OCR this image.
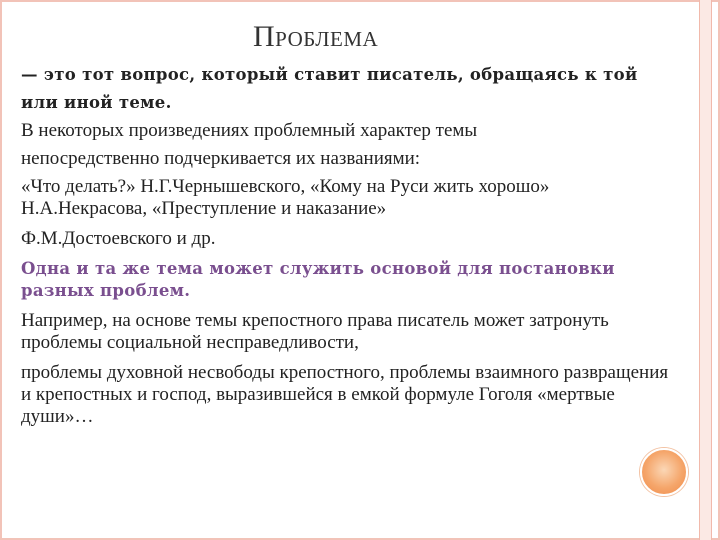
ПРОБЛЕМА

— это тот вопрос, который ставит писатель, обращаясь к той

или иной теме.

В некоторых произведениях проблемный характер темы

непосредственно подчеркивается их названиями:

«Что делать?» Н.Г.Чернышевского, «Кому на Руси жить хорошо» Н.А.Некрасова, «Преступление и наказание»

Ф.М.Достоевского и др.

Одна и та же тема может служить основой для постановки разных проблем.

Например, на основе темы крепостного права писатель может затронуть проблемы социальной несправедливости,

проблемы духовной несвободы крепостного, проблемы взаимного развращения и крепостных и господ, выразившейся в емкой формуле Гоголя «мертвые души»…
